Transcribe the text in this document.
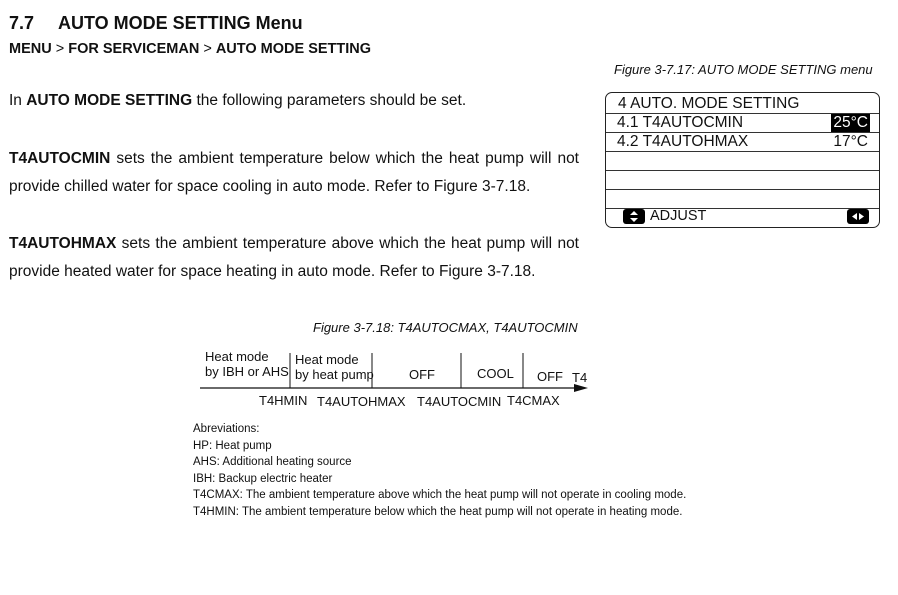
7.7 AUTO MODE SETTING Menu
MENU > FOR SERVICEMAN > AUTO MODE SETTING
Figure 3-7.17: AUTO MODE SETTING menu
In AUTO MODE SETTING the following parameters should be set.
T4AUTOCMIN sets the ambient temperature below which the heat pump will not provide chilled water for space cooling in auto mode. Refer to Figure 3-7.18.
T4AUTOHMAX sets the ambient temperature above which the heat pump will not provide heated water for space heating in auto mode. Refer to Figure 3-7.18.
4 AUTO. MODE SETTING
4.1 T4AUTOCMIN	25°C
4.2 T4AUTOHMAX	17°C
ADJUST
Figure 3-7.18: T4AUTOCMAX, T4AUTOCMIN
Heat mode
by IBH or AHS
Heat mode
by heat pump	OFF	COOL OFF T4
T4HMIN T4AUTOHMAX T4AUTOCMIN T4CMAX
Abreviations:
HP: Heat pump
AHS: Additional heating source
IBH: Backup electric heater
T4CMAX: The ambient temperature above which the heat pump will not operate in cooling mode.
T4HMIN: The ambient temperature below which the heat pump will not operate in heating mode.
